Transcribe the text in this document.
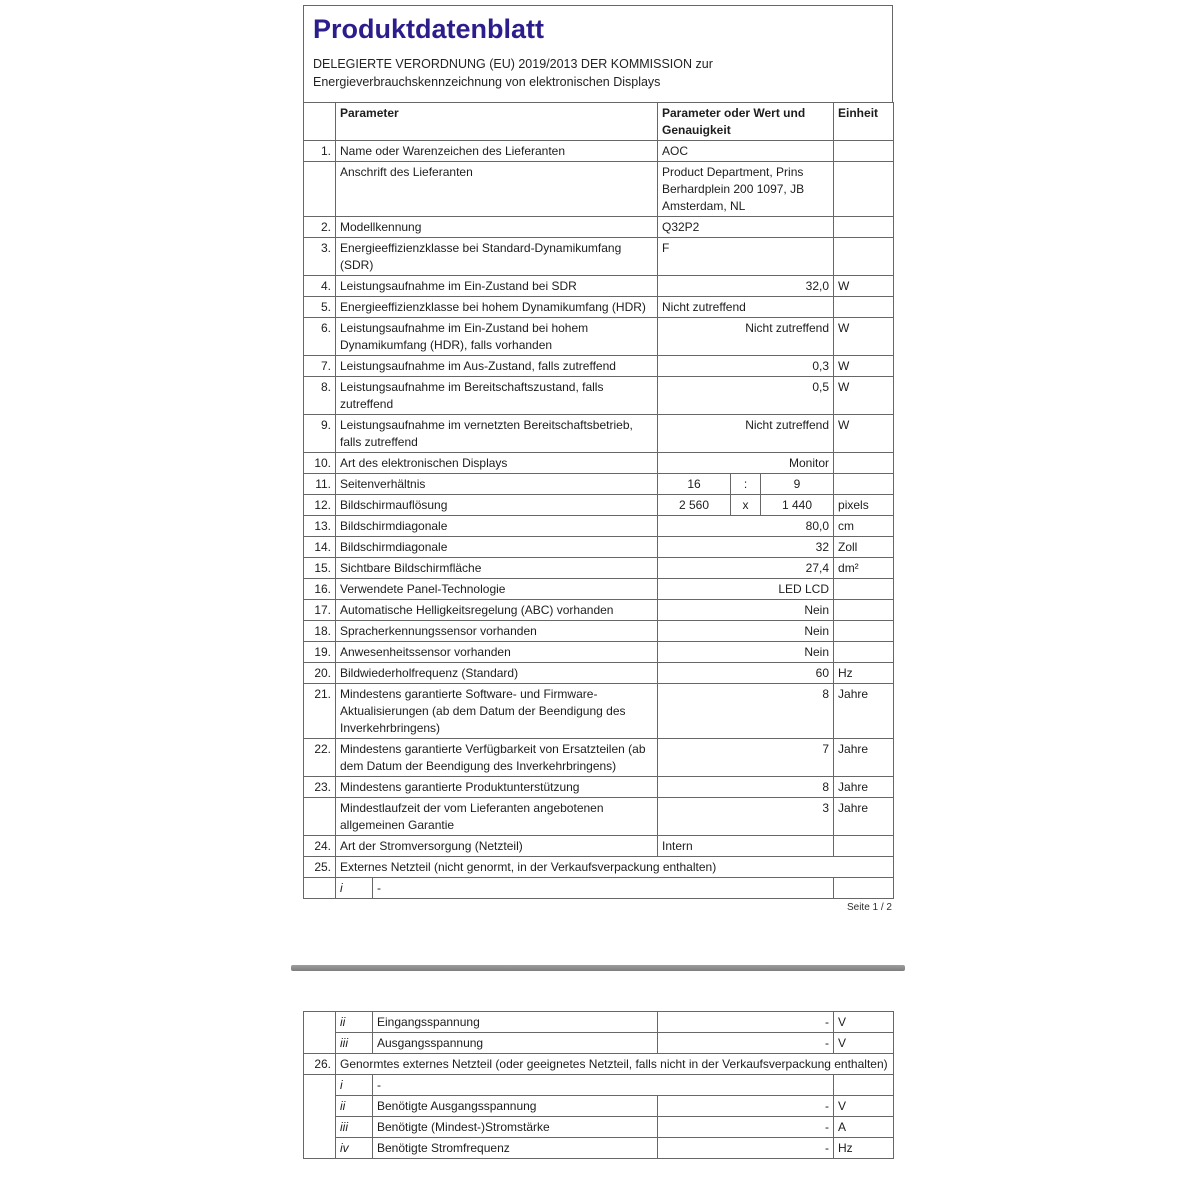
Produktdatenblatt

DELEGIERTE VERORDNUNG (EU) 2019/2013 DER KOMMISSION zur

Energieverbrauchskennzeichnung von elektronischen Displays

	Parameter		Parameter oder Wert und Genauigkeit			Einheit
1.	Name oder Warenzeichen des Lieferanten		AOC			
	Anschrift des Lieferanten		Product Department, Prins Berhardplein 200 1097, JB Amsterdam, NL			
2.	Modellkennung		Q32P2			
3.	Energieeffizienzklasse bei Standard-Dynamikumfang (SDR)		F			
4.	Leistungsaufnahme im Ein-Zustand bei SDR		32,0			W
5.	Energieeffizienzklasse bei hohem Dynamikumfang (HDR)		Nicht zutreffend			
6.	Leistungsaufnahme im Ein-Zustand bei hohem Dynamikumfang (HDR), falls vorhanden		Nicht zutreffend			W
7.	Leistungsaufnahme im Aus-Zustand, falls zutreffend		0,3			W
8.	Leistungsaufnahme im Bereitschaftszustand, falls zutreffend		0,5			W
9.	Leistungsaufnahme im vernetzten Bereitschaftsbetrieb, falls zutreffend		Nicht zutreffend			W
10.	Art des elektronischen Displays		Monitor			
11.	Seitenverhältnis		16	:	9	
12.	Bildschirmauflösung		2 560	x	1 440	pixels
13.	Bildschirmdiagonale		80,0			cm
14.	Bildschirmdiagonale		32			Zoll
15.	Sichtbare Bildschirmfläche		27,4			dm²
16.	Verwendete Panel-Technologie		LED LCD			
17.	Automatische Helligkeitsregelung (ABC) vorhanden		Nein			
18.	Spracherkennungssensor vorhanden		Nein			
19.	Anwesenheitssensor vorhanden		Nein			
20.	Bildwiederholfrequenz (Standard)		60			Hz
21.	Mindestens garantierte Software- und Firmware-Aktualisierungen (ab dem Datum der Beendigung des Inverkehrbringens)		8			Jahre
22.	Mindestens garantierte Verfügbarkeit von Ersatzteilen (ab dem Datum der Beendigung des Inverkehrbringens)		7			Jahre
23.	Mindestens garantierte Produktunterstützung		8			Jahre
	Mindestlaufzeit der vom Lieferanten angebotenen allgemeinen Garantie		3			Jahre
24.	Art der Stromversorgung (Netzteil)		Intern			
25.	Externes Netzteil (nicht genormt, in der Verkaufsverpackung enthalten)					
	i	-				
Seite 1 / 2
	ii	Eingangsspannung	-	V
	iii	Ausgangsspannung	-	V
26.	Genormtes externes Netzteil (oder geeignetes Netzteil, falls nicht in der Verkaufsverpackung enthalten)			
	i	-		
	ii	Benötigte Ausgangsspannung	-	V
	iii	Benötigte (Mindest-)Stromstärke	-	A
	iv	Benötigte Stromfrequenz	-	Hz
